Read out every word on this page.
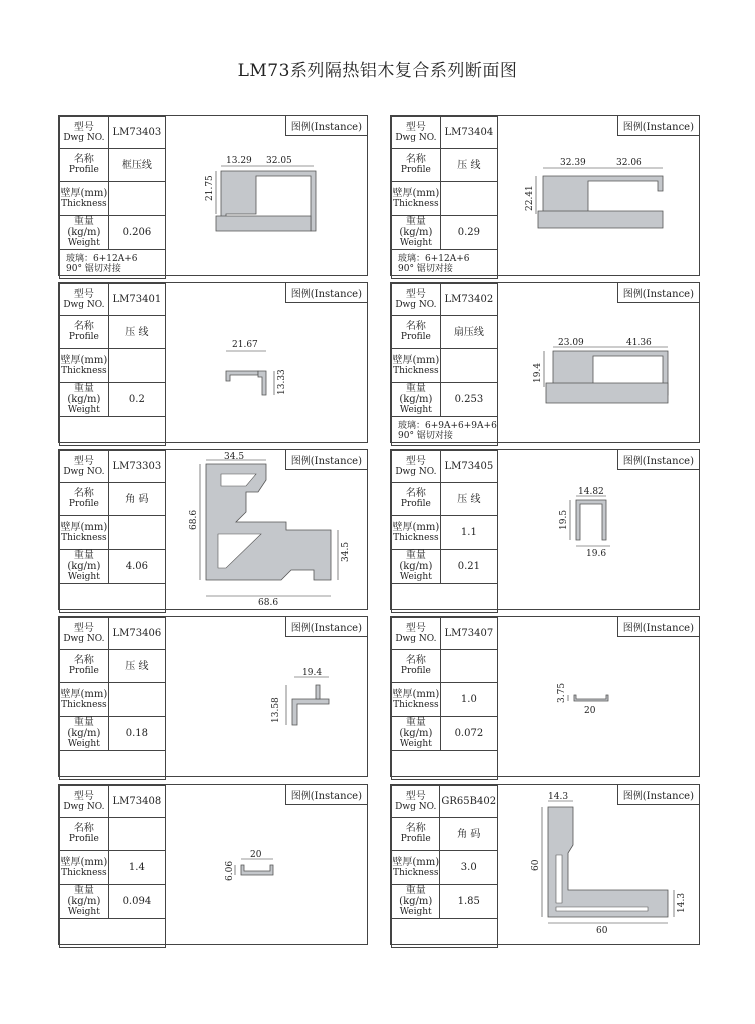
LM73系列隔热铝木复合系列断面图
型号
Dwg NO.	LM73403
名称
Profile	框压线
壁厚(mm)
Thickness	

重量(kg/m)
Weight	0.206
玻璃：6+12A+6
90° 锯切对接	
图例(Instance)
13.29 32.05
21.75
型号
Dwg NO.	LM73404
名称
Profile	压 线
壁厚(mm)
Thickness	

重量(kg/m)
Weight	0.29
玻璃：6+12A+6
90° 锯切对接	
图例(Instance)
32.39	32.06
22.41
型号
Dwg NO.	LM73401
名称
Profile	压 线
壁厚(mm)
Thickness	

重量(kg/m)
Weight	0.2

图例(Instance)
21.67
13.33
型号
Dwg NO.	LM73402
名称
Profile	扇压线
壁厚(mm)
Thickness	

重量(kg/m)
Weight	0.253
玻璃：6+9A+6+9A+6
90° 锯切对接	
图例(Instance)
23.09	41.36
19.4
型号
Dwg NO.	LM73303
名称
Profile	角 码
壁厚(mm)
Thickness	

重量(kg/m)
Weight	4.06

图例(Instance)
34.5
68.6
34.5
68.6
型号
Dwg NO.	LM73405
名称
Profile	压 线
壁厚(mm)
Thickness	1.1
重量(kg/m)
Weight	0.21

图例(Instance)
14.82
19.5
19.6
型号
Dwg NO.	LM73406
名称
Profile	压 线
壁厚(mm)
Thickness	

重量(kg/m)
Weight	0.18

图例(Instance)
19.4
13.58
型号
Dwg NO.	LM73407
名称
Profile	

壁厚(mm)
Thickness	1.0
重量(kg/m)
Weight	0.072

图例(Instance)
3.75
20
型号
Dwg NO.	LM73408
名称
Profile	

壁厚(mm)
Thickness	1.4
重量(kg/m)
Weight	0.094

图例(Instance)
20
6.06
型号
Dwg NO.	GR65B402
名称
Profile	角 码
壁厚(mm)
Thickness	3.0
重量(kg/m)
Weight	1.85

图例(Instance)
14.3
60
14.3
60
